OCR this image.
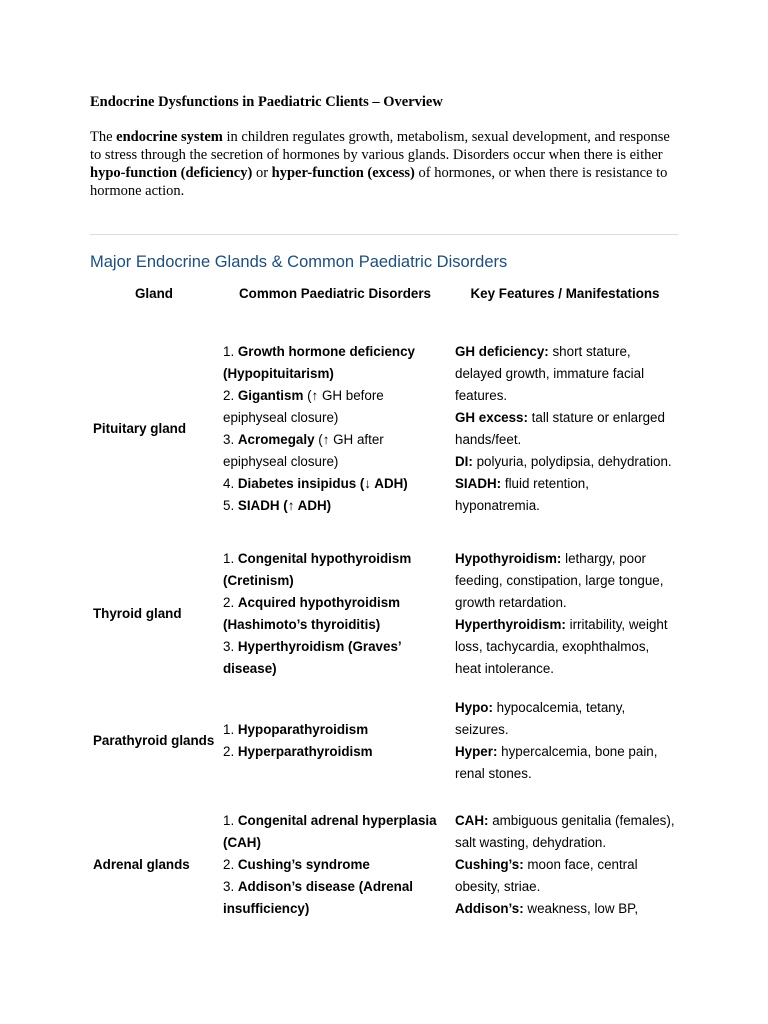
Endocrine Dysfunctions in Paediatric Clients – Overview
The endocrine system in children regulates growth, metabolism, sexual development, and response to stress through the secretion of hormones by various glands. Disorders occur when there is either hypo-function (deficiency) or hyper-function (excess) of hormones, or when there is resistance to hormone action.
Major Endocrine Glands & Common Paediatric Disorders
Gland	Common Paediatric Disorders	Key Features / Manifestations
Pituitary gland
1. Growth hormone deficiency (Hypopituitarism)
2. Gigantism (↑ GH before epiphyseal closure)
3. Acromegaly (↑ GH after epiphyseal closure)
4. Diabetes insipidus (↓ ADH)
5. SIADH (↑ ADH)
GH deficiency: short stature, delayed growth, immature facial features.
GH excess: tall stature or enlarged hands/feet.
DI: polyuria, polydipsia, dehydration.
SIADH: fluid retention, hyponatremia.
Thyroid gland
1. Congenital hypothyroidism (Cretinism)
2. Acquired hypothyroidism (Hashimoto’s thyroiditis)
3. Hyperthyroidism (Graves’ disease)
Hypothyroidism: lethargy, poor feeding, constipation, large tongue, growth retardation.
Hyperthyroidism: irritability, weight loss, tachycardia, exophthalmos, heat intolerance.
Parathyroid glands
1. Hypoparathyroidism
2. Hyperparathyroidism
Hypo: hypocalcemia, tetany, seizures.
Hyper: hypercalcemia, bone pain, renal stones.
Adrenal glands
1. Congenital adrenal hyperplasia (CAH)
2. Cushing’s syndrome
3. Addison’s disease (Adrenal insufficiency)
CAH: ambiguous genitalia (females), salt wasting, dehydration.
Cushing’s: moon face, central obesity, striae.
Addison’s: weakness, low BP,
